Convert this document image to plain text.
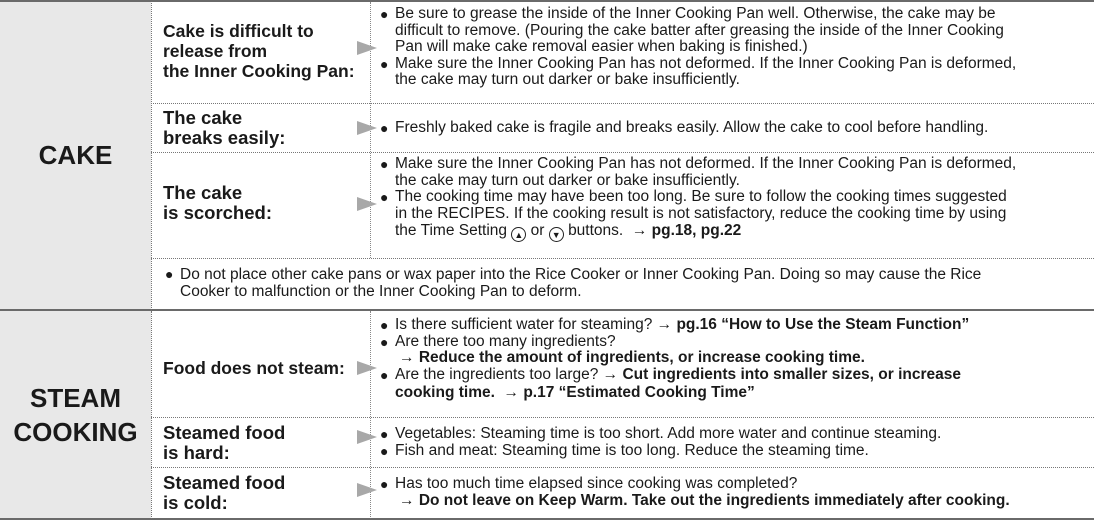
CAKE
STEAM
COOKING
Cake is difficult to
release from
the Inner Cooking Pan:
● Be sure to grease the inside of the Inner Cooking Pan well. Otherwise, the cake may be
difficult to remove. (Pouring the cake batter after greasing the inside of the Inner Cooking
Pan will make cake removal easier when baking is finished.)
● Make sure the Inner Cooking Pan has not deformed. If the Inner Cooking Pan is deformed,
the cake may turn out darker or bake insufficiently.
The cake
breaks easily:	● Freshly baked cake is fragile and breaks easily. Allow the cake to cool before handling.
The cake
is scorched:
● Make sure the Inner Cooking Pan has not deformed. If the Inner Cooking Pan is deformed,
the cake may turn out darker or bake insufficiently.
● The cooking time may have been too long. Be sure to follow the cooking times suggested
in the RECIPES. If the cooking result is not satisfactory, reduce the cooking time by using
the Time Setting ▲ or ▼ buttons. → pg.18, pg.22
● Do not place other cake pans or wax paper into the Rice Cooker or Inner Cooking Pan. Doing so may cause the Rice
Cooker to malfunction or the Inner Cooking Pan to deform.
Food does not steam:
● Is there sufficient water for steaming? → pg.16 “How to Use the Steam Function”
● Are there too many ingredients?
→ Reduce the amount of ingredients, or increase cooking time.
● Are the ingredients too large? → Cut ingredients into smaller sizes, or increase
cooking time. → p.17 “Estimated Cooking Time”
Steamed food
is hard:
● Vegetables: Steaming time is too short. Add more water and continue steaming.
● Fish and meat: Steaming time is too long. Reduce the steaming time.
Steamed food
is cold:
● Has too much time elapsed since cooking was completed?
→ Do not leave on Keep Warm. Take out the ingredients immediately after cooking.
